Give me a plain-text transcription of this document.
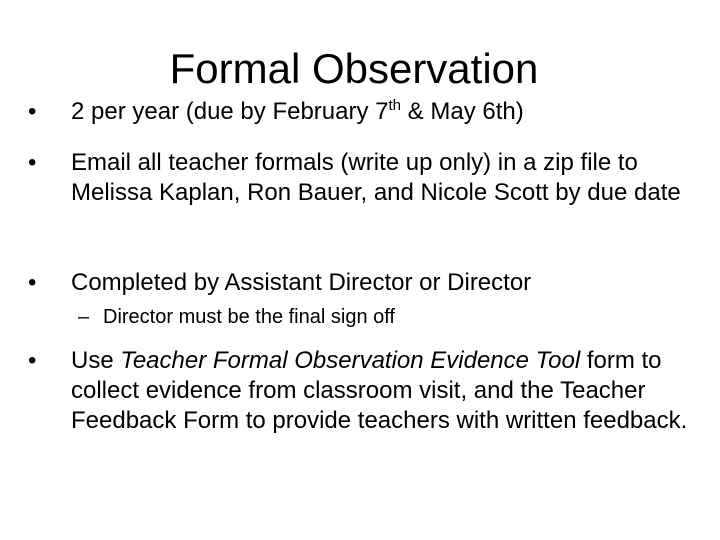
Formal Observation
•	2 per year (due by February 7th & May 6th)
•	Email all teacher formals (write up only) in a zip file to Melissa Kaplan, Ron Bauer, and Nicole Scott by due date
•	Completed by Assistant Director or Director
– Director must be the final sign off
•	Use Teacher Formal Observation Evidence Tool form to collect evidence from classroom visit, and the Teacher Feedback Form to provide teachers with written feedback.
